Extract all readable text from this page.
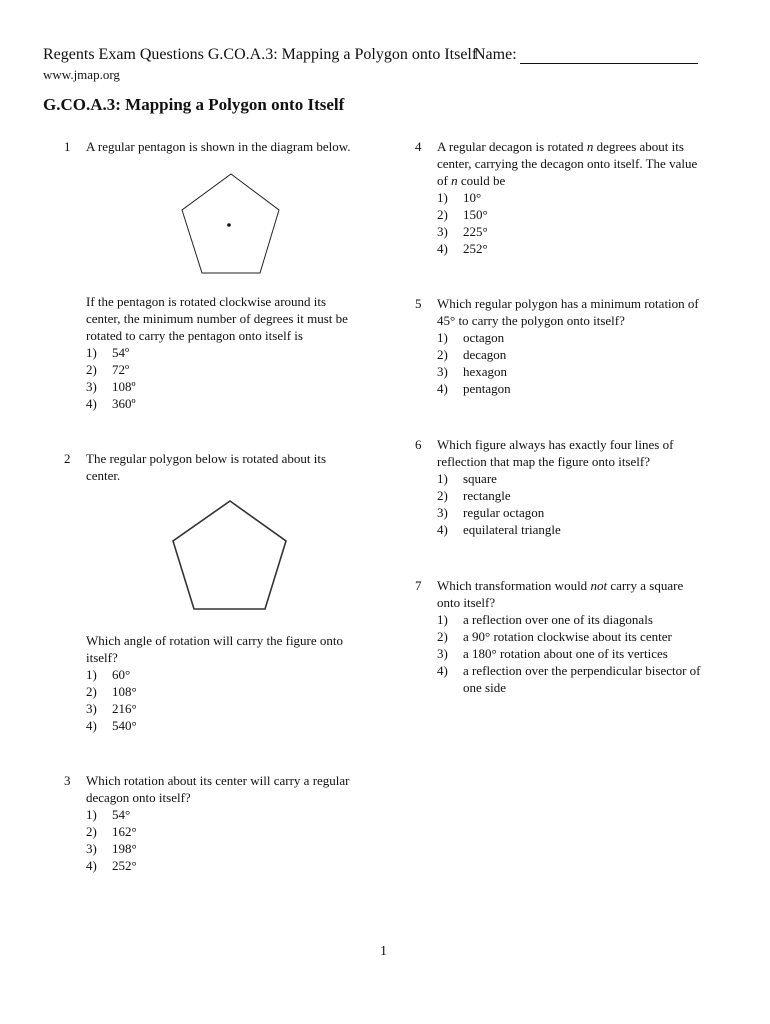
Regents Exam Questions G.CO.A.3: Mapping a Polygon onto Itself
Name:
www.jmap.org
G.CO.A.3: Mapping a Polygon onto Itself
1	A regular pentagon is shown in the diagram below.
If the pentagon is rotated clockwise around its
center, the minimum number of degrees it must be
rotated to carry the pentagon onto itself is
1) 54º
2) 72º
3) 108º
4) 360º
2	The regular polygon below is rotated about its
center.
Which angle of rotation will carry the figure onto
itself?
1) 60°
2) 108°
3) 216°
4) 540°
3	Which rotation about its center will carry a regular
decagon onto itself?
1) 54°
2) 162°
3) 198°
4) 252°
4	A regular decagon is rotated n degrees about its
center, carrying the decagon onto itself. The value
of n could be
1) 10°
2) 150°
3) 225°
4) 252°
5	Which regular polygon has a minimum rotation of
45° to carry the polygon onto itself?
1) octagon
2) decagon
3) hexagon
4) pentagon
6	Which figure always has exactly four lines of
reflection that map the figure onto itself?
1) square
2) rectangle
3) regular octagon
4) equilateral triangle
7	Which transformation would not carry a square
onto itself?
1) a reflection over one of its diagonals
2) a 90° rotation clockwise about its center
3) a 180° rotation about one of its vertices
4) a reflection over the perpendicular bisector of
one side
1
